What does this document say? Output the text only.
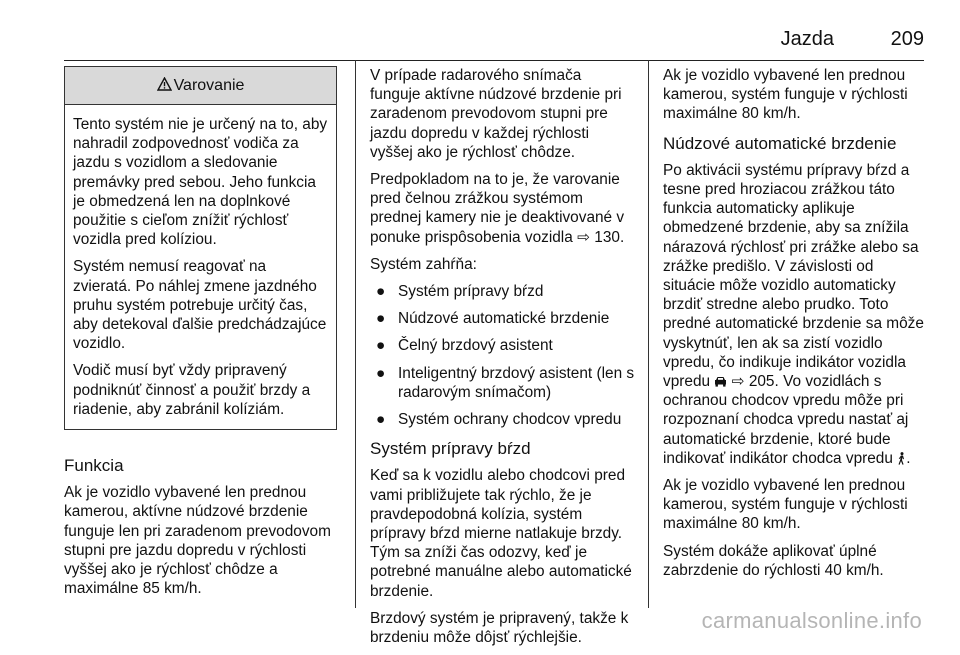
Jazda	209
Varovanie

Tento systém nie je určený na to, aby nahradil zodpovednosť vodiča za jazdu s vozidlom a sledovanie premávky pred sebou. Jeho funkcia je obmedzená len na doplnkové použitie s cieľom znížiť rýchlosť vozidla pred kolíziou.

Systém nemusí reagovať na zvieratá. Po náhlej zmene jazdného pruhu systém potrebuje určitý čas, aby detekoval ďalšie predchádzajúce vozidlo.

Vodič musí byť vždy pripravený podniknúť činnosť a použiť brzdy a riadenie, aby zabránil kolíziám.

Funkcia

Ak je vozidlo vybavené len prednou kamerou, aktívne núdzové brzdenie funguje len pri zaradenom prevodovom stupni pre jazdu dopredu v rýchlosti vyššej ako je rýchlosť chôdze a maximálne 85 km/h.

V prípade radarového snímača funguje aktívne núdzové brzdenie pri zaradenom prevodovom stupni pre jazdu dopredu v každej rýchlosti vyššej ako je rýchlosť chôdze.

Predpokladom na to je, že varovanie pred čelnou zrážkou systémom prednej kamery nie je deaktivované v ponuke prispôsobenia vozidla ⇨ 130.

Systém zahŕňa:

● Systém prípravy bŕzd
● Núdzové automatické brzdenie
● Čelný brzdový asistent
● Inteligentný brzdový asistent (len s radarovým snímačom)
● Systém ochrany chodcov vpredu
Systém prípravy bŕzd

Keď sa k vozidlu alebo chodcovi pred vami približujete tak rýchlo, že je pravdepodobná kolízia, systém prípravy bŕzd mierne natlakuje brzdy. Tým sa zníži čas odozvy, keď je potrebné manuálne alebo automatické brzdenie.

Brzdový systém je pripravený, takže k brzdeniu môže dôjsť rýchlejšie.

Ak je vozidlo vybavené len prednou kamerou, systém funguje v rýchlosti maximálne 80 km/h.

Núdzové automatické brzdenie

Po aktivácii systému prípravy bŕzd a tesne pred hroziacou zrážkou táto funkcia automaticky aplikuje obmedzené brzdenie, aby sa znížila nárazová rýchlosť pri zrážke alebo sa zrážke predišlo. V závislosti od situácie môže vozidlo automaticky brzdiť stredne alebo prudko. Toto predné automatické brzdenie sa môže vyskytnúť, len ak sa zistí vozidlo vpredu, čo indikuje indikátor vozidla vpredu ⇨ 205. Vo vozidlách s ochranou chodcov vpredu môže pri rozpoznaní chodca vpredu nastať aj automatické brzdenie, ktoré bude indikovať indikátor chodca vpredu .

Ak je vozidlo vybavené len prednou kamerou, systém funguje v rýchlosti maximálne 80 km/h.

Systém dokáže aplikovať úplné zabrzdenie do rýchlosti 40 km/h.

carmanualsonline.info
